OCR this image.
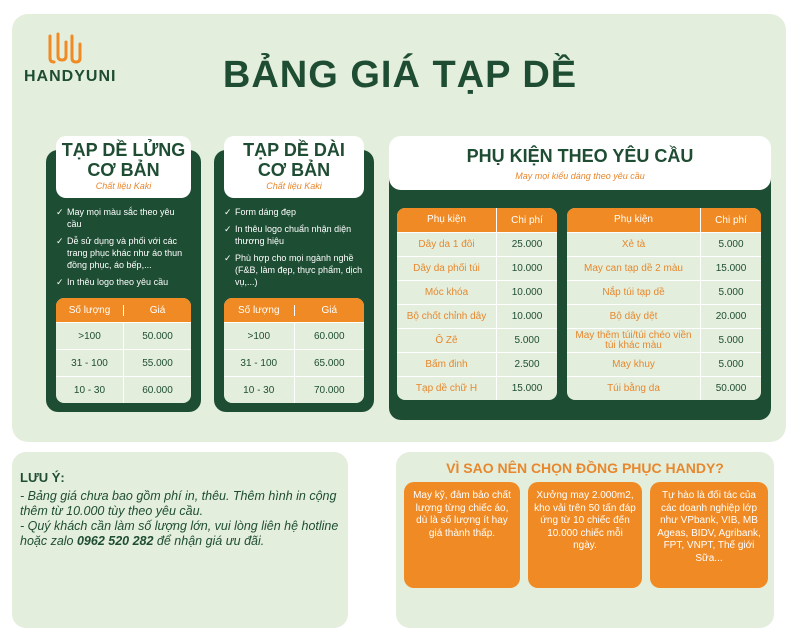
HANDYUNI	BẢNG GIÁ TẠP DỀ
TẠP DỀ LỬNG
CƠ BẢN
Chất liệu Kaki
✓ May mọi màu sắc theo yêu cầu
✓ Dễ sử dụng và phối với các trang phục khác như áo thun đồng phục, áo bếp,...
✓ In thêu logo theo yêu cầu
Số lượng	Giá
>100	50.000
31 - 100	55.000
10 - 30	60.000
TẠP DỀ DÀI
CƠ BẢN
Chất liệu Kaki
✓ Form dáng đẹp
✓ In thêu logo chuẩn nhận diện thương hiệu
✓ Phù hợp cho mọi ngành nghề (F&B, làm đẹp, thực phẩm, dịch vụ,...)
Số lượng	Giá
>100	60.000
31 - 100	65.000
10 - 30	70.000
PHỤ KIỆN THEO YÊU CẦU
May mọi kiểu dáng theo yêu cầu
Phụ kiện	Chi phí
Dây da 1 đôi	25.000
Dây da phối túi	10.000
Móc khóa	10.000
Bộ chốt chỉnh dây	10.000
Ô Zê	5.000
Bấm đinh	2.500
Tạp dề chữ H	15.000
Phụ kiện	Chi phí
Xẻ tà	5.000
May can tạp dề 2 màu	15.000
Nắp túi tạp dề	5.000
Bộ dây dệt	20.000
May thêm túi/túi chéo viền túi khác màu	5.000
May khuy	5.000
Túi bằng da	50.000
LƯU Ý:

- Bảng giá chưa bao gồm phí in, thêu. Thêm hình in cộng thêm từ 10.000 tùy theo yêu cầu.

- Quý khách cần làm số lượng lớn, vui lòng liên hệ hotline hoặc zalo 0962 520 282 để nhận giá ưu đãi.

VÌ SAO NÊN CHỌN ĐỒNG PHỤC HANDY?
May kỹ, đảm bảo chất lượng từng chiếc áo, dù là số lượng ít hay giá thành thấp.
Xưởng may 2.000m2, kho vải trên 50 tấn đáp ứng từ 10 chiếc đến 10.000 chiếc mỗi ngày.
Tự hào là đối tác của các doanh nghiệp lớp như VPbank, VIB, MB Ageas, BIDV, Agribank, FPT, VNPT, Thế giới Sữa...
